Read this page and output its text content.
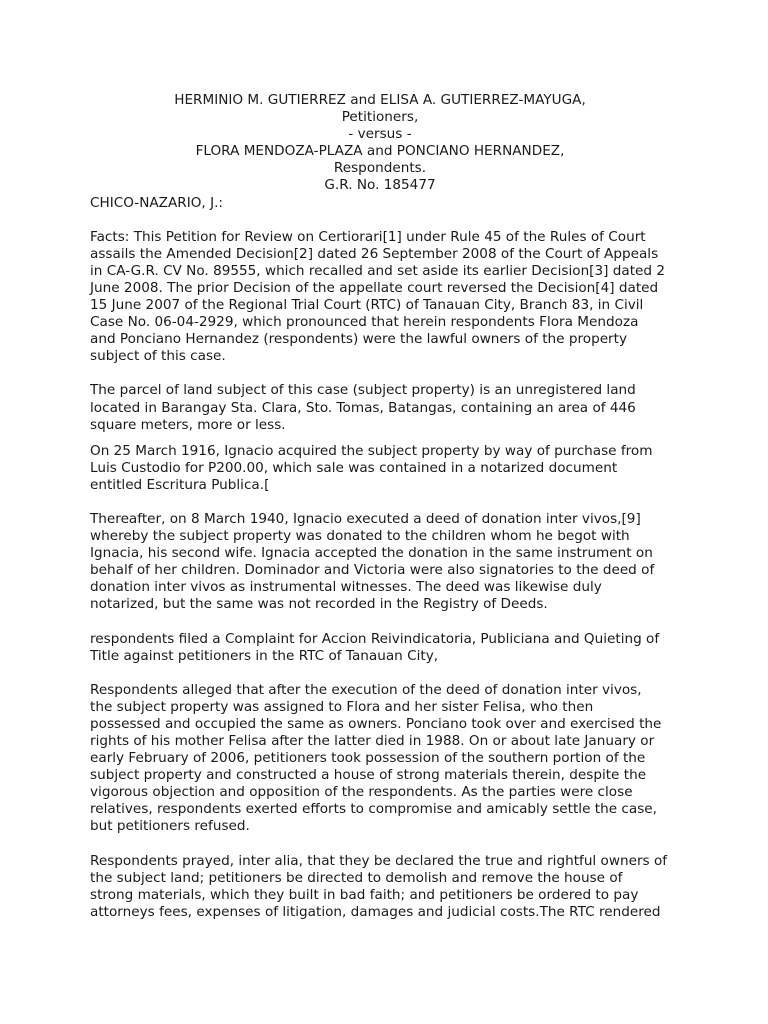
HERMINIO M. GUTIERREZ and ELISA A. GUTIERREZ-MAYUGA,
Petitioners,
- versus -
FLORA MENDOZA-PLAZA and PONCIANO HERNANDEZ,
Respondents.
G.R. No. 185477
CHICO-NAZARIO, J.:

Facts: This Petition for Review on Certiorari[1] under Rule 45 of the Rules of Court
assails the Amended Decision[2] dated 26 September 2008 of the Court of Appeals
in CA-G.R. CV No. 89555, which recalled and set aside its earlier Decision[3] dated 2
June 2008. The prior Decision of the appellate court reversed the Decision[4] dated
15 June 2007 of the Regional Trial Court (RTC) of Tanauan City, Branch 83, in Civil
Case No. 06-04-2929, which pronounced that herein respondents Flora Mendoza
and Ponciano Hernandez (respondents) were the lawful owners of the property
subject of this case.

The parcel of land subject of this case (subject property) is an unregistered land
located in Barangay Sta. Clara, Sto. Tomas, Batangas, containing an area of 446
square meters, more or less.

On 25 March 1916, Ignacio acquired the subject property by way of purchase from
Luis Custodio for P200.00, which sale was contained in a notarized document
entitled Escritura Publica.[

Thereafter, on 8 March 1940, Ignacio executed a deed of donation inter vivos,[9]
whereby the subject property was donated to the children whom he begot with
Ignacia, his second wife. Ignacia accepted the donation in the same instrument on
behalf of her children. Dominador and Victoria were also signatories to the deed of
donation inter vivos as instrumental witnesses. The deed was likewise duly
notarized, but the same was not recorded in the Registry of Deeds.

respondents filed a Complaint for Accion Reivindicatoria, Publiciana and Quieting of
Title against petitioners in the RTC of Tanauan City,

Respondents alleged that after the execution of the deed of donation inter vivos,
the subject property was assigned to Flora and her sister Felisa, who then
possessed and occupied the same as owners. Ponciano took over and exercised the
rights of his mother Felisa after the latter died in 1988. On or about late January or
early February of 2006, petitioners took possession of the southern portion of the
subject property and constructed a house of strong materials therein, despite the
vigorous objection and opposition of the respondents. As the parties were close
relatives, respondents exerted efforts to compromise and amicably settle the case,
but petitioners refused.

Respondents prayed, inter alia, that they be declared the true and rightful owners of
the subject land; petitioners be directed to demolish and remove the house of
strong materials, which they built in bad faith; and petitioners be ordered to pay
attorneys fees, expenses of litigation, damages and judicial costs.The RTC rendered
